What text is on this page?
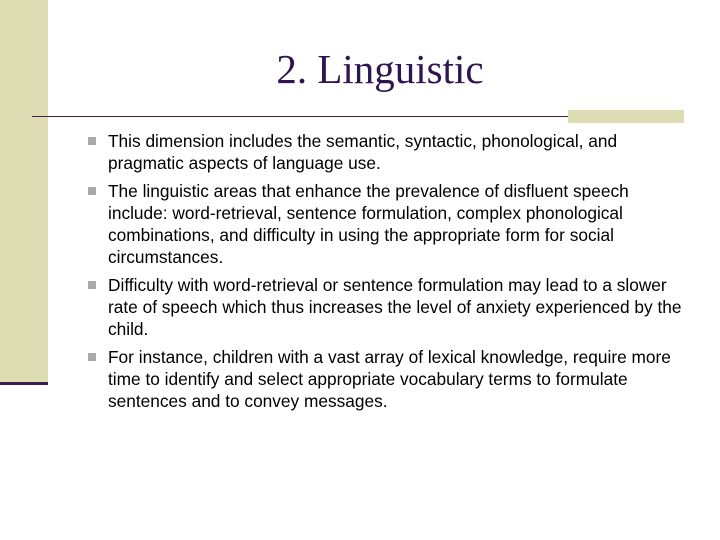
2. Linguistic
This dimension includes the semantic, syntactic, phonological, and pragmatic aspects of language use.
The linguistic areas that enhance the prevalence of disfluent speech include: word-retrieval, sentence formulation, complex phonological combinations, and difficulty in using the appropriate form for social circumstances.
Difficulty with word-retrieval or sentence formulation may lead to a slower rate of speech which thus increases the level of anxiety experienced by the child.
For instance, children with a vast array of lexical knowledge, require more time to identify and select appropriate vocabulary terms to formulate sentences and to convey messages.
